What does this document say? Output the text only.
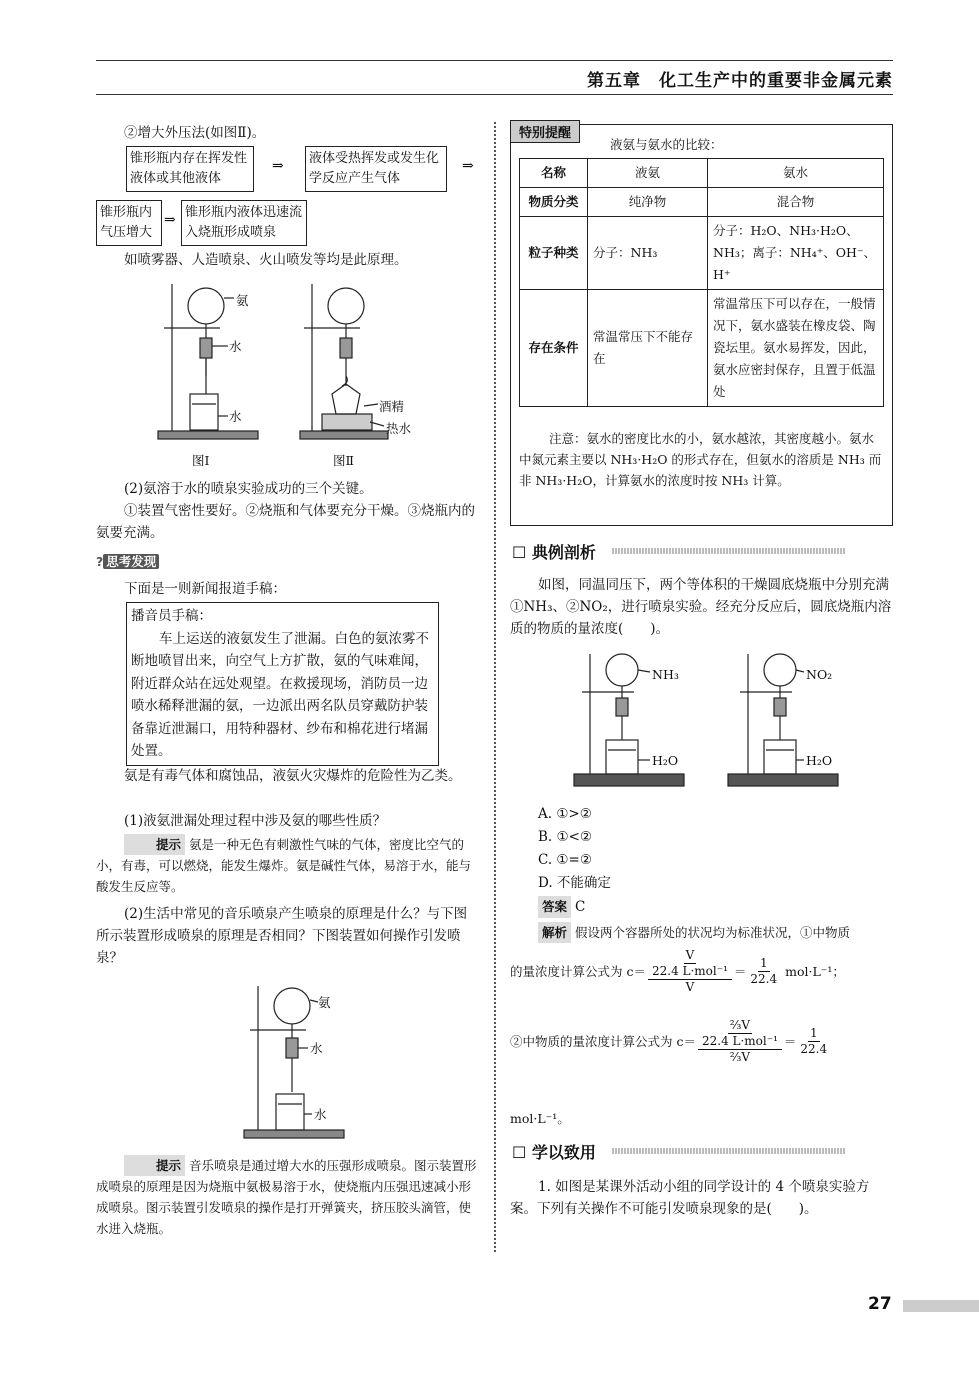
第五章　化工生产中的重要非金属元素
②增大外压法(如图Ⅱ)。
锥形瓶内存在挥发性液体或其他液体
⇒	液体受热挥发或发生化学反应产生气体
⇒
锥形瓶内气压增大
⇒ 锥形瓶内液体迅速流入烧瓶形成喷泉
如喷雾器、人造喷泉、火山喷发等均是此原理。
氨
水
水
酒精
热水
图Ⅰ	图Ⅱ
(2)氨溶于水的喷泉实验成功的三个关键。
①装置气密性要好。②烧瓶和气体要充分干燥。③烧瓶内的氨要充满。
? 思考发现
下面是一则新闻报道手稿：
播音员手稿：
车上运送的液氨发生了泄漏。白色的氨浓雾不断地喷冒出来，向空气上方扩散，氨的气味难闻，附近群众站在远处观望。在救援现场，消防员一边喷水稀释泄漏的氨，一边派出两名队员穿戴防护装备靠近泄漏口，用特种器材、纱布和棉花进行堵漏处置。
氨是有毒气体和腐蚀品，液氨火灾爆炸的危险性为乙类。
(1)液氨泄漏处理过程中涉及氨的哪些性质？
提示 氨是一种无色有刺激性气味的气体，密度比空气的小，有毒，可以燃烧，能发生爆炸。氨是碱性气体，易溶于水，能与酸发生反应等。
(2)生活中常见的音乐喷泉产生喷泉的原理是什么？与下图所示装置形成喷泉的原理是否相同？下图装置如何操作引发喷泉？
氨
水
水
提示 音乐喷泉是通过增大水的压强形成喷泉。图示装置形成喷泉的原理是因为烧瓶中氨极易溶于水，使烧瓶内压强迅速减小形成喷泉。图示装置引发喷泉的操作是打开弹簧夹，挤压胶头滴管，使水进入烧瓶。
特别提醒
液氨与氨水的比较：
名称	液氨	氨水
物质分类	纯净物	混合物
粒子种类	分子：NH₃	分子：H₂O、NH₃·H₂O、NH₃；离子：NH₄⁺、OH⁻、H⁺
存在条件	常温常压下不能存在	常温常压下可以存在，一般情况下，氨水盛装在橡皮袋、陶瓷坛里。氨水易挥发，因此，氨水应密封保存，且置于低温处
注意：氨水的密度比水的小，氨水越浓，其密度越小。氨水中氮元素主要以 NH₃·H₂O 的形式存在，但氨水的溶质是 NH₃ 而非 NH₃·H₂O，计算氨水的浓度时按 NH₃ 计算。
☐ 典例剖析
如图，同温同压下，两个等体积的干燥圆底烧瓶中分别充满①NH₃、②NO₂，进行喷泉实验。经充分反应后，圆底烧瓶内溶质的物质的量浓度(　　)。
NH₃	NO₂
H₂O	H₂O
A. ①>②
B. ①<②
C. ①=②
D. 不能确定
答案 C
解析 假设两个容器所处的状况均为标准状况，①中物质
的量浓度计算公式为 $c= \frac{\frac{V}{\text{22.4 L·mol⁻¹}}}{V} = \frac{1}{22.4} mol\cdot L^{-1}$；
②中物质的量浓度计算公式为 $c= \frac{\frac{\text{⅔V}}{\text{22.4 L·mol⁻¹}}}{\text{⅔V}} = \frac{1}{22.4}$
mol·L⁻¹。
☐ 学以致用
1. 如图是某课外活动小组的同学设计的 4 个喷泉实验方案。下列有关操作不可能引发喷泉现象的是(　　)。
27
